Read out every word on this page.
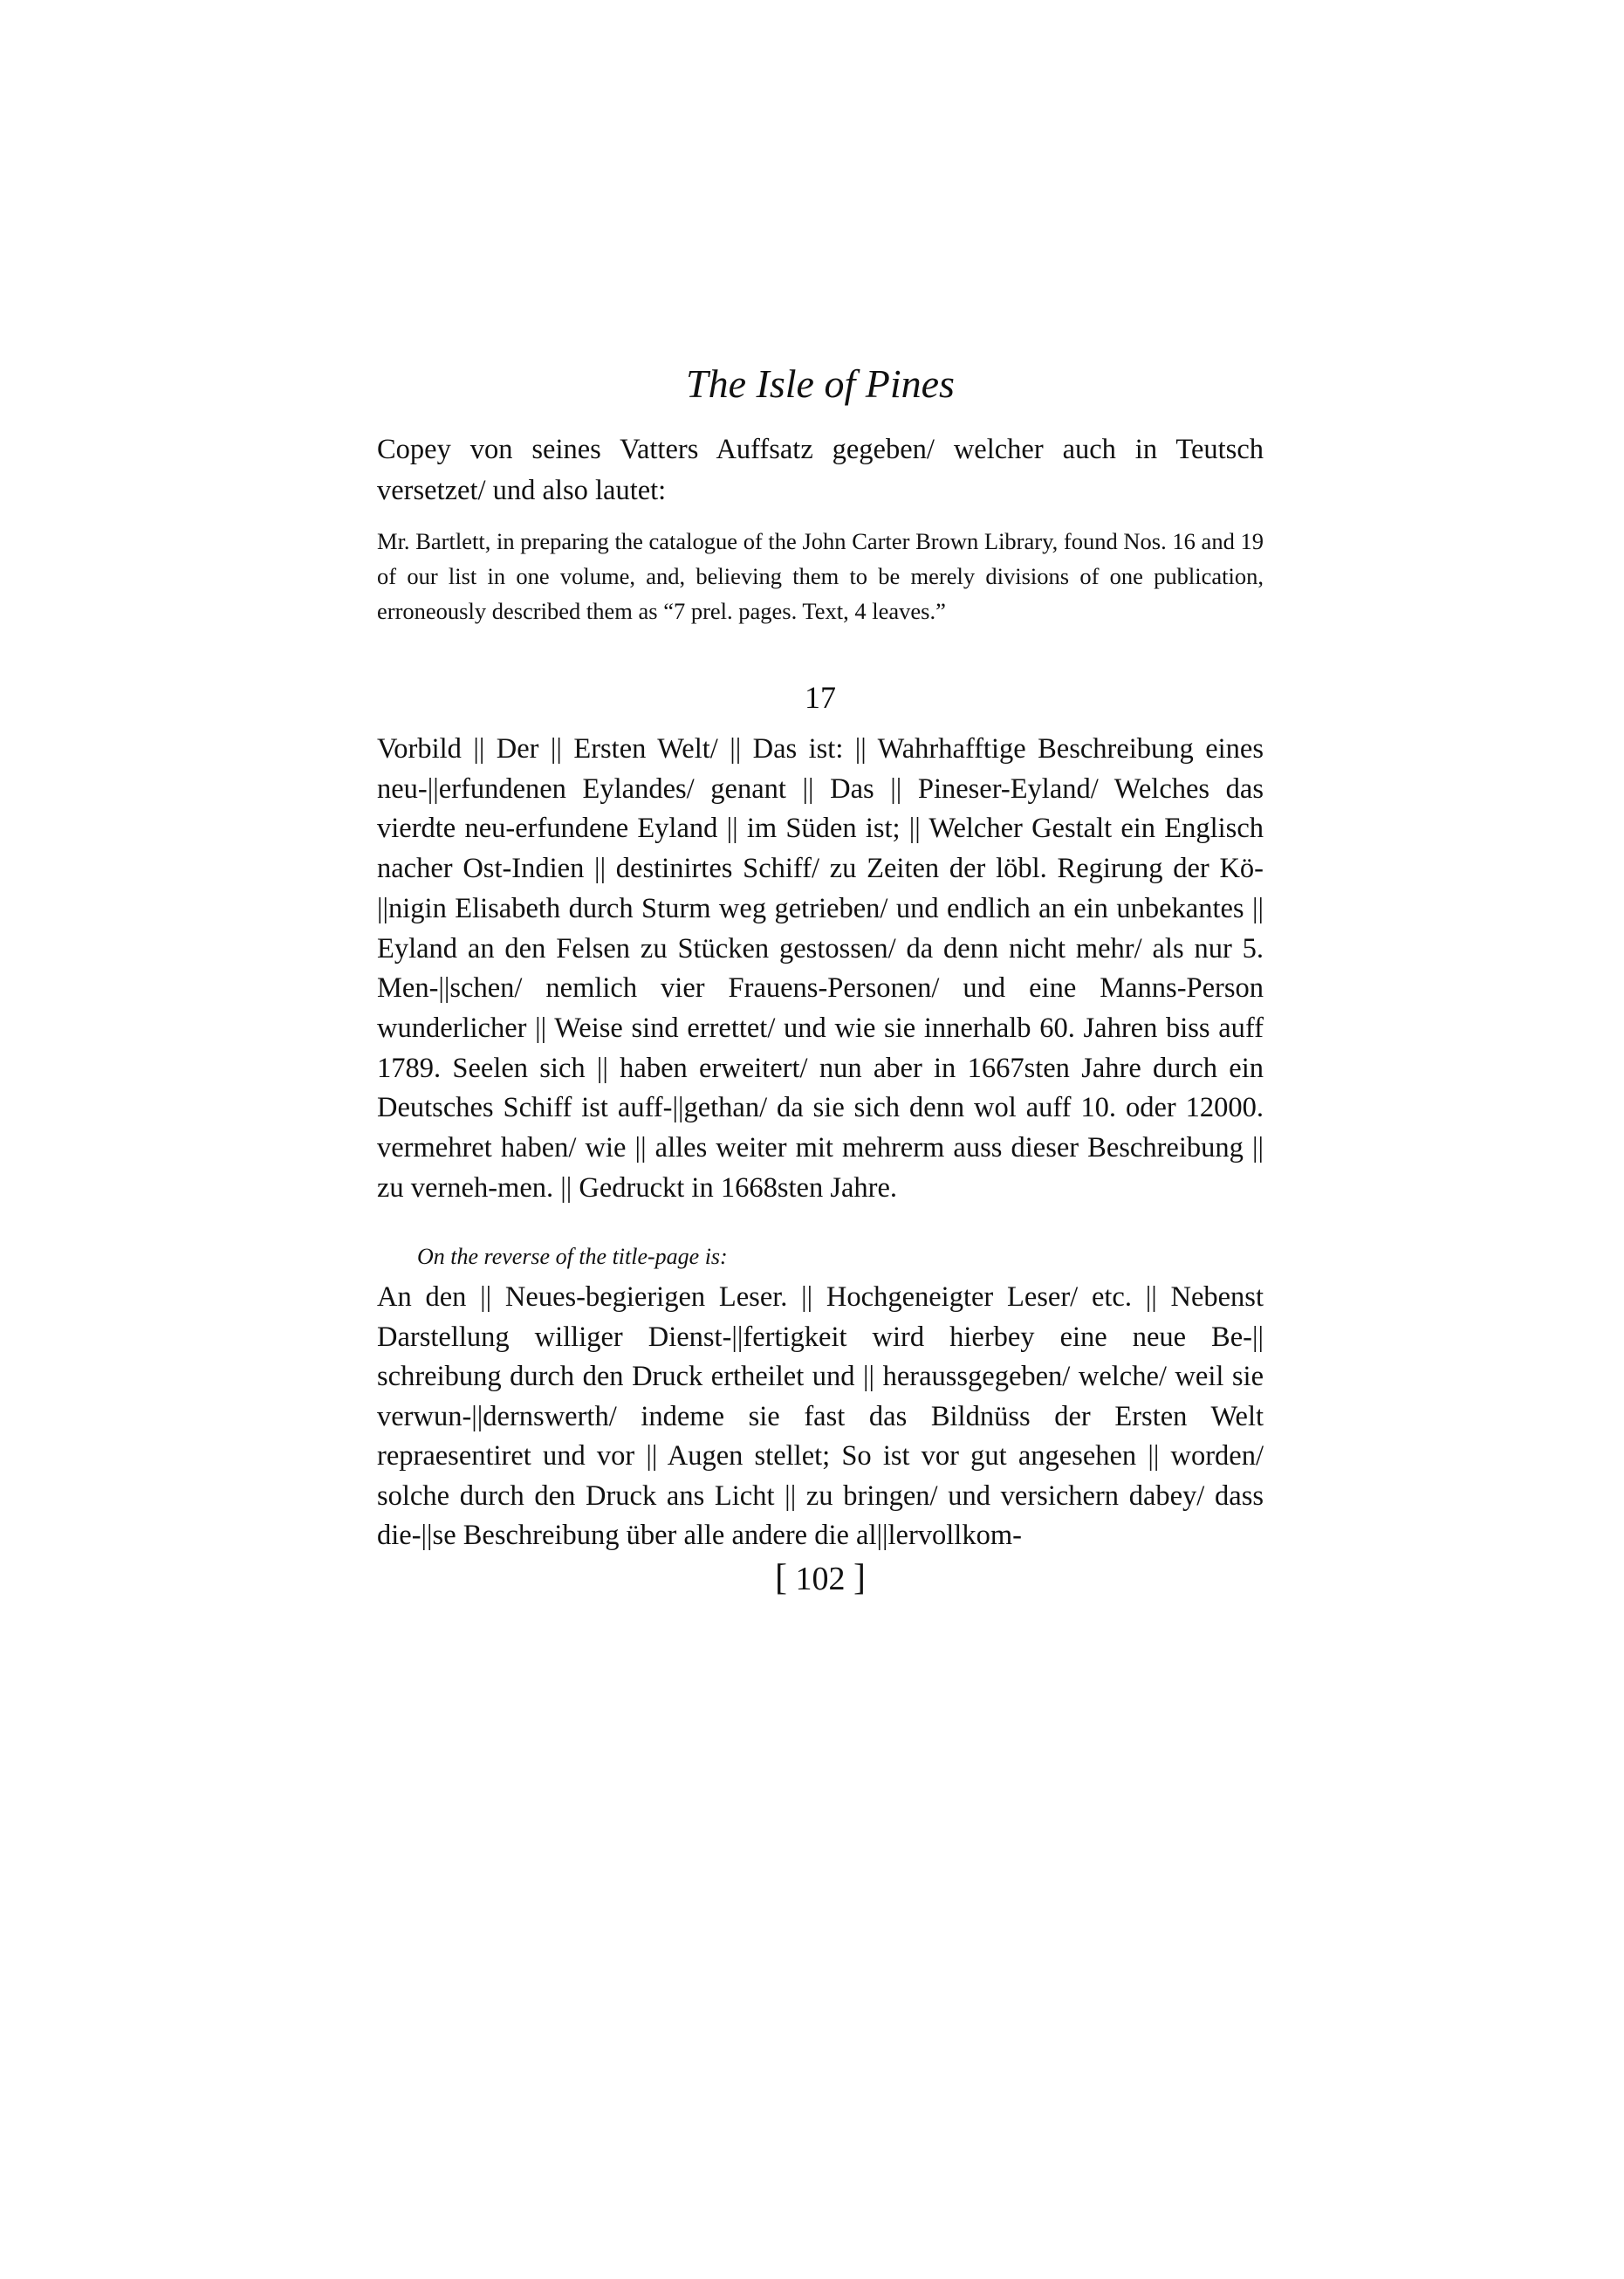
The Isle of Pines
Copey von seines Vatters Auffsatz gegeben/ welcher auch in Teutsch versetzet/ und also lautet:
Mr. Bartlett, in preparing the catalogue of the John Carter Brown Library, found Nos. 16 and 19 of our list in one volume, and, believing them to be merely divisions of one publication, erroneously described them as “7 prel. pages. Text, 4 leaves.”
17
Vorbild || Der || Ersten Welt/ || Das ist: || Wahrhafftige Beschreibung eines neu-||erfundenen Eylandes/ genant || Das || Pineser-Eyland/ Welches das vierdte neu-erfundene Eyland || im Süden ist; || Welcher Gestalt ein Englisch nacher Ost-Indien || destinirtes Schiff/ zu Zeiten der löbl. Regirung der Kö-||nigin Elisabeth durch Sturm weg getrieben/ und endlich an ein unbekantes || Eyland an den Felsen zu Stücken gestossen/ da denn nicht mehr/ als nur 5. Men-||schen/ nemlich vier Frauens-Personen/ und eine Manns-Person wunderlicher || Weise sind errettet/ und wie sie innerhalb 60. Jahren biss auff 1789. Seelen sich || haben erweitert/ nun aber in 1667sten Jahre durch ein Deutsches Schiff ist auff-||gethan/ da sie sich denn wol auff 10. oder 12000. vermehret haben/ wie || alles weiter mit mehrerm auss dieser Beschreibung || zu verneh-men. || Gedruckt in 1668sten Jahre.
On the reverse of the title-page is:
An den || Neues-begierigen Leser. || Hochgeneigter Leser/ etc. || Nebenst Darstellung williger Dienst-||fertigkeit wird hierbey eine neue Be-|| schreibung durch den Druck ertheilet und || heraussgegeben/ welche/ weil sie verwun-||dernswerth/ indeme sie fast das Bildnüss der Ersten Welt repraesentiret und vor || Augen stellet; So ist vor gut angesehen || worden/ solche durch den Druck ans Licht || zu bringen/ und versichern dabey/ dass die-||se Beschreibung über alle andere die al||lervollkom-
[ 102 ]
